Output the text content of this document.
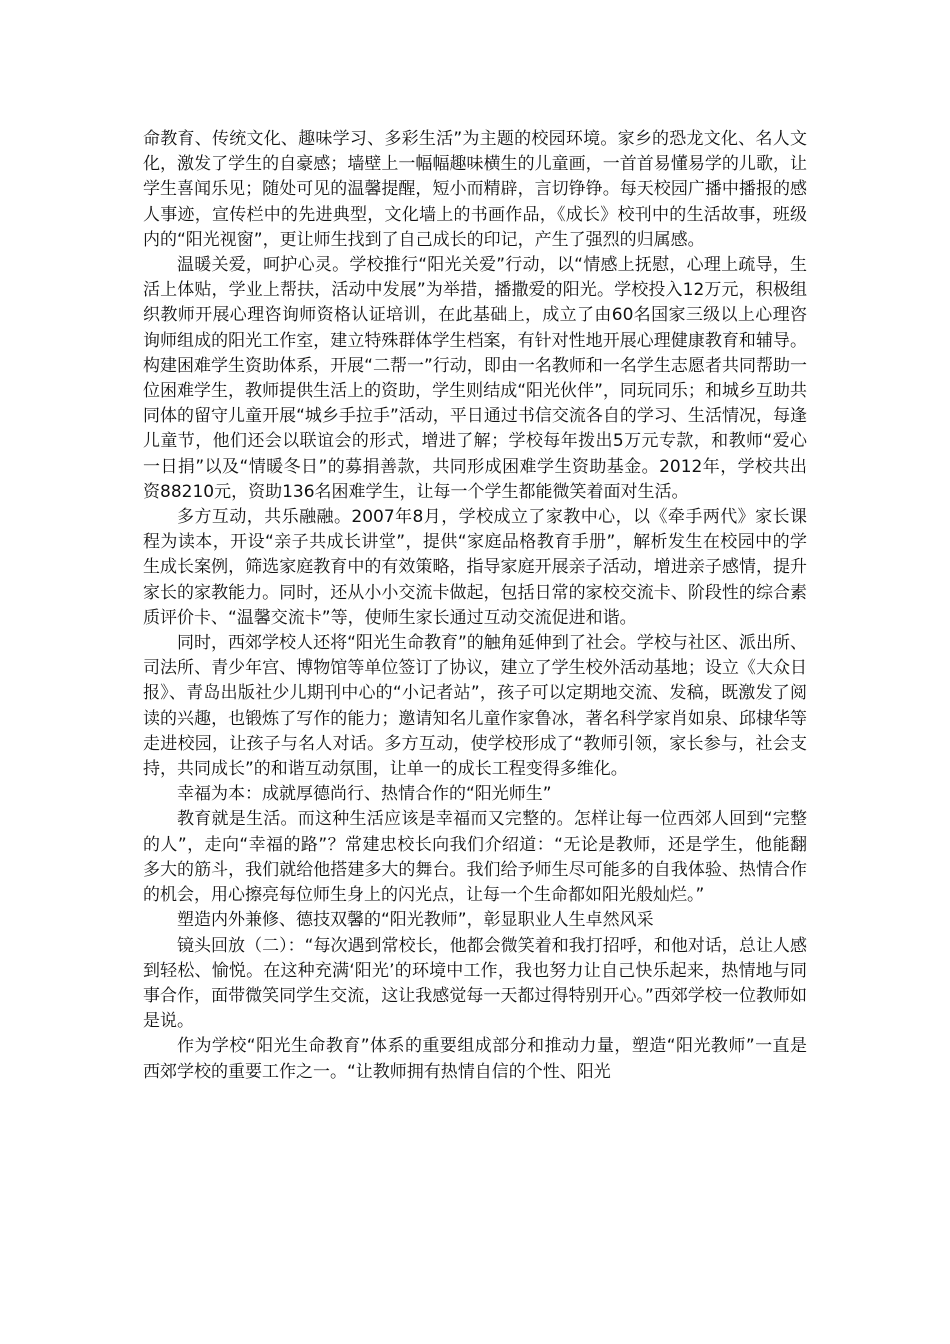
命教育、传统文化、趣味学习、多彩生活”为主题的校园环境。家乡的恐龙文化、名人文化，激发了学生的自豪感；墙壁上一幅幅趣味横生的儿童画，一首首易懂易学的儿歌，让学生喜闻乐见；随处可见的温馨提醒，短小而精辟，言切铮铮。每天校园广播中播报的感人事迹，宣传栏中的先进典型，文化墙上的书画作品，《成长》校刊中的生活故事，班级内的“阳光视窗”，更让师生找到了自己成长的印记，产生了强烈的归属感。

温暖关爱，呵护心灵。学校推行“阳光关爱”行动，以“情感上抚慰，心理上疏导，生活上体贴，学业上帮扶，活动中发展”为举措，播撒爱的阳光。学校投入12万元，积极组织教师开展心理咨询师资格认证培训，在此基础上，成立了由60名国家三级以上心理咨询师组成的阳光工作室，建立特殊群体学生档案，有针对性地开展心理健康教育和辅导。构建困难学生资助体系，开展“二帮一”行动，即由一名教师和一名学生志愿者共同帮助一位困难学生，教师提供生活上的资助，学生则结成“阳光伙伴”，同玩同乐；和城乡互助共同体的留守儿童开展“城乡手拉手”活动，平日通过书信交流各自的学习、生活情况，每逢儿童节，他们还会以联谊会的形式，增进了解；学校每年拨出5万元专款，和教师“爱心一日捐”以及“情暖冬日”的募捐善款，共同形成困难学生资助基金。2012年，学校共出资88210元，资助136名困难学生，让每一个学生都能微笑着面对生活。

多方互动，共乐融融。2007年8月，学校成立了家教中心，以《牵手两代》家长课程为读本，开设“亲子共成长讲堂”，提供“家庭品格教育手册”，解析发生在校园中的学生成长案例，筛选家庭教育中的有效策略，指导家庭开展亲子活动，增进亲子感情，提升家长的家教能力。同时，还从小小交流卡做起，包括日常的家校交流卡、阶段性的综合素质评价卡、“温馨交流卡”等，使师生家长通过互动交流促进和谐。

同时，西郊学校人还将“阳光生命教育”的触角延伸到了社会。学校与社区、派出所、司法所、青少年宫、博物馆等单位签订了协议，建立了学生校外活动基地；设立《大众日报》、青岛出版社少儿期刊中心的“小记者站”，孩子可以定期地交流、发稿，既激发了阅读的兴趣，也锻炼了写作的能力；邀请知名儿童作家鲁冰，著名科学家肖如泉、邱棣华等走进校园，让孩子与名人对话。多方互动，使学校形成了“教师引领，家长参与，社会支持，共同成长”的和谐互动氛围，让单一的成长工程变得多维化。

幸福为本：成就厚德尚行、热情合作的“阳光师生”

教育就是生活。而这种生活应该是幸福而又完整的。怎样让每一位西郊人回到“完整的人”，走向“幸福的路”？常建忠校长向我们介绍道：“无论是教师，还是学生，他能翻多大的筋斗，我们就给他搭建多大的舞台。我们给予师生尽可能多的自我体验、热情合作的机会，用心擦亮每位师生身上的闪光点，让每一个生命都如阳光般灿烂。”

塑造内外兼修、德技双馨的“阳光教师”，彰显职业人生卓然风采

镜头回放（二）：“每次遇到常校长，他都会微笑着和我打招呼，和他对话，总让人感到轻松、愉悦。在这种充满‘阳光’的环境中工作，我也努力让自己快乐起来，热情地与同事合作，面带微笑同学生交流，这让我感觉每一天都过得特别开心。”西郊学校一位教师如是说。

作为学校“阳光生命教育”体系的重要组成部分和推动力量，塑造“阳光教师”一直是西郊学校的重要工作之一。“让教师拥有热情自信的个性、阳光
